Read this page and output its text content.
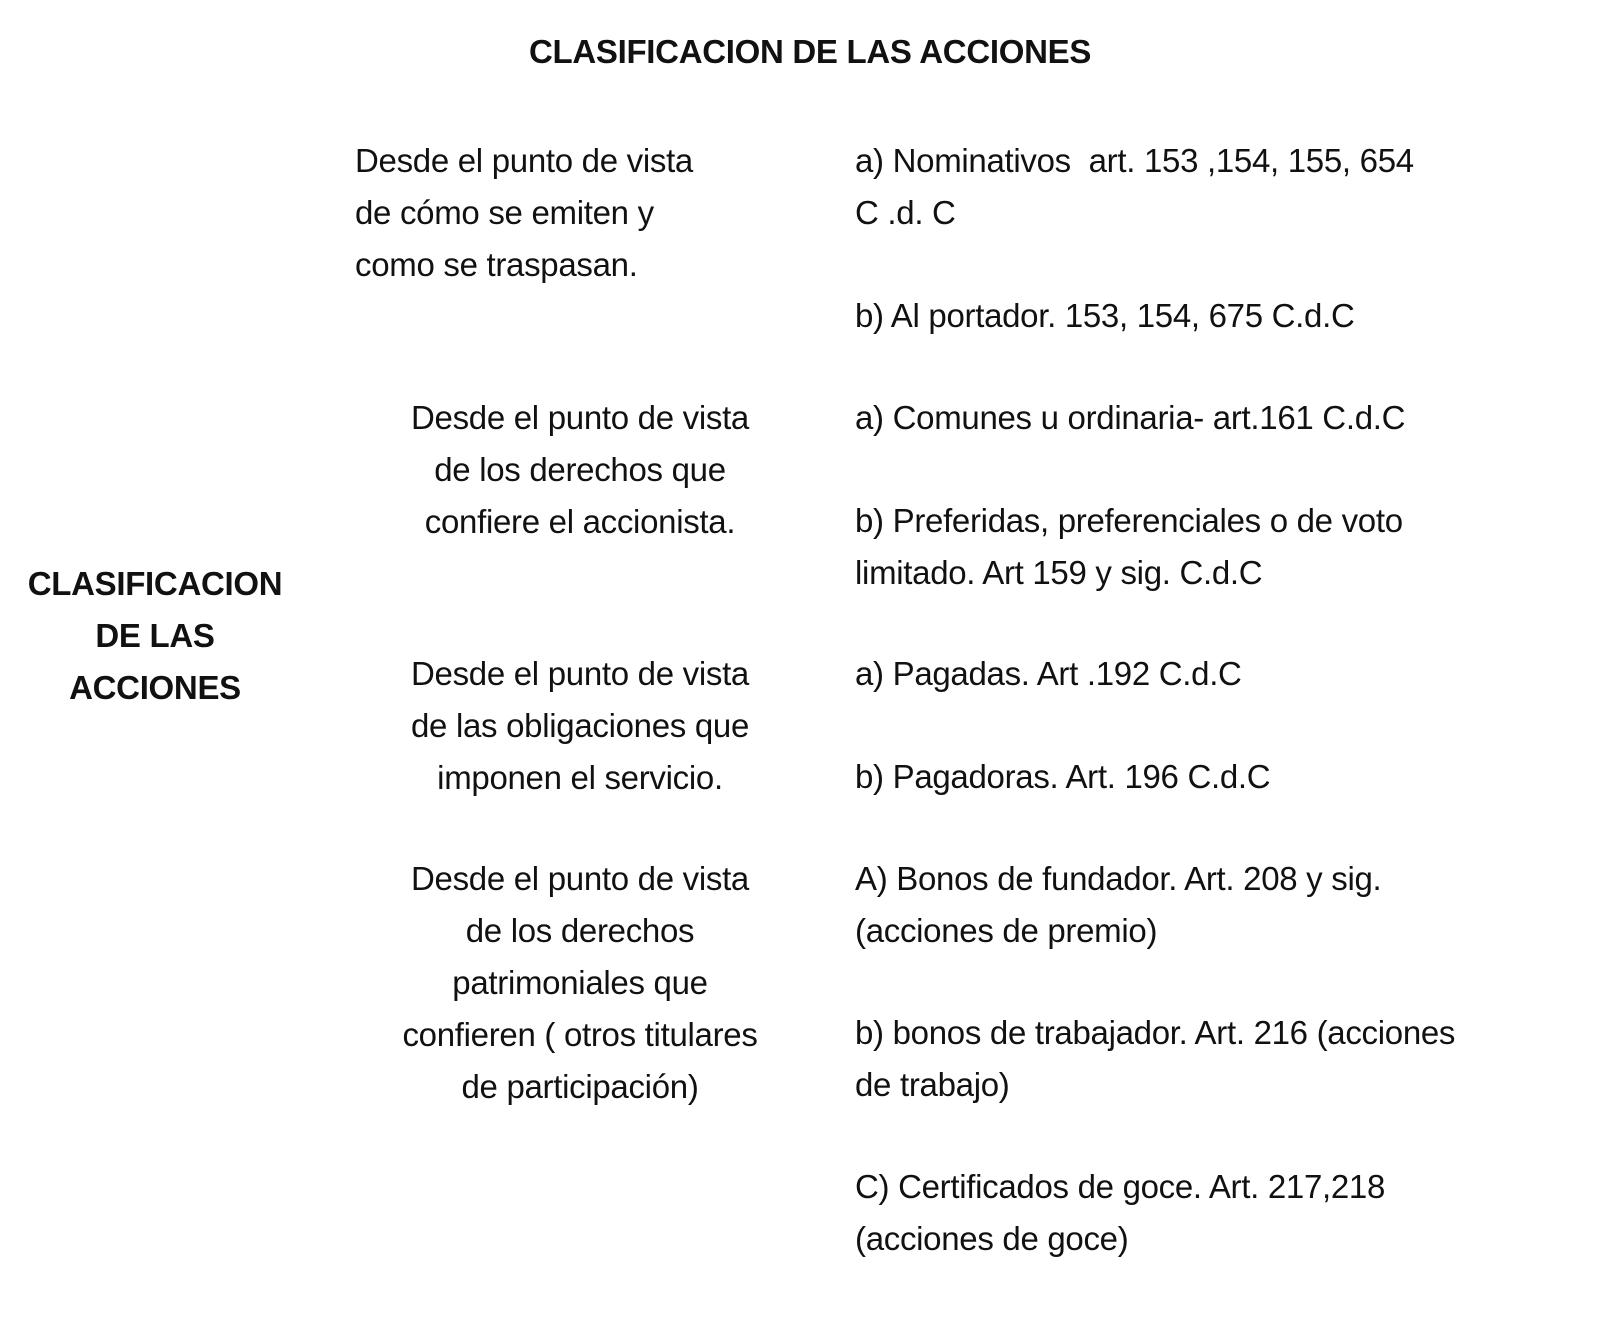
CLASIFICACION DE LAS ACCIONES
CLASIFICACION
DE LAS
ACCIONES
Desde el punto de vista
de cómo se emiten y
como se traspasan.
a) Nominativos  art. 153 ,154, 155, 654
C .d. C
b) Al portador. 153, 154, 675 C.d.C
Desde el punto de vista
de los derechos que
confiere el accionista.
a) Comunes u ordinaria- art.161 C.d.C
b) Preferidas, preferenciales o de voto
limitado. Art 159 y sig. C.d.C
Desde el punto de vista
de las obligaciones que
imponen el servicio.
a) Pagadas. Art .192 C.d.C
b) Pagadoras. Art. 196 C.d.C
Desde el punto de vista
de los derechos
patrimoniales que
confieren ( otros titulares
de participación)
A) Bonos de fundador. Art. 208 y sig.
(acciones de premio)
b) bonos de trabajador. Art. 216 (acciones
de trabajo)
C) Certificados de goce. Art. 217,218
(acciones de goce)
